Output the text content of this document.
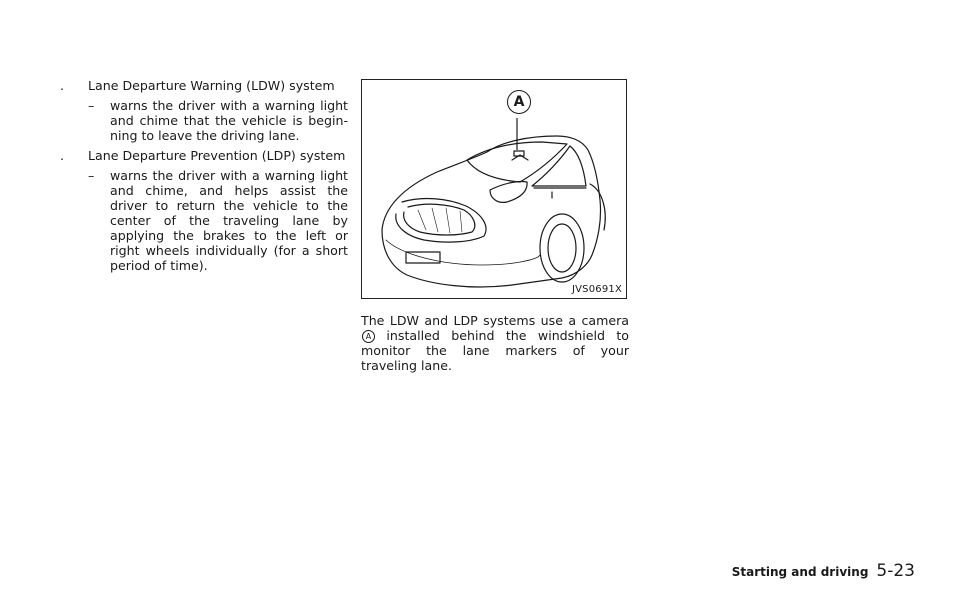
. Lane Departure Warning (LDW) system
– warns the driver with a warning light and chime that the vehicle is begin-ning to leave the driving lane.
. Lane Departure Prevention (LDP) system
– warns the driver with a warning light and chime, and helps assist the driver to return the vehicle to the center of the traveling lane by applying the brakes to the left or right wheels individually (for a short period of time).
A
JVS0691X
The LDW and LDP systems use a cameraA installed behind the windshield to monitor the lane markers of your traveling lane.
Starting and driving 5-23
